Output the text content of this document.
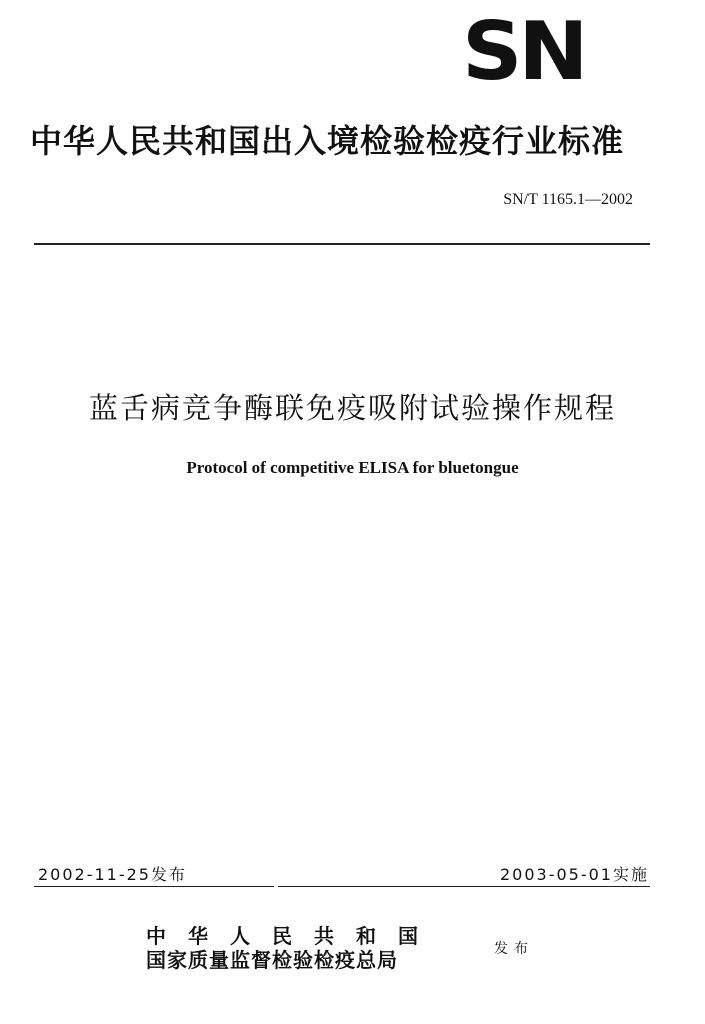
SN
中华人民共和国出入境检验检疫行业标准
SN/T 1165.1—2002
蓝舌病竞争酶联免疫吸附试验操作规程
Protocol of competitive ELISA for bluetongue
2002-11-25发布	2003-05-01实施
中华人民共和国
国家质量监督检验检疫总局	发布
